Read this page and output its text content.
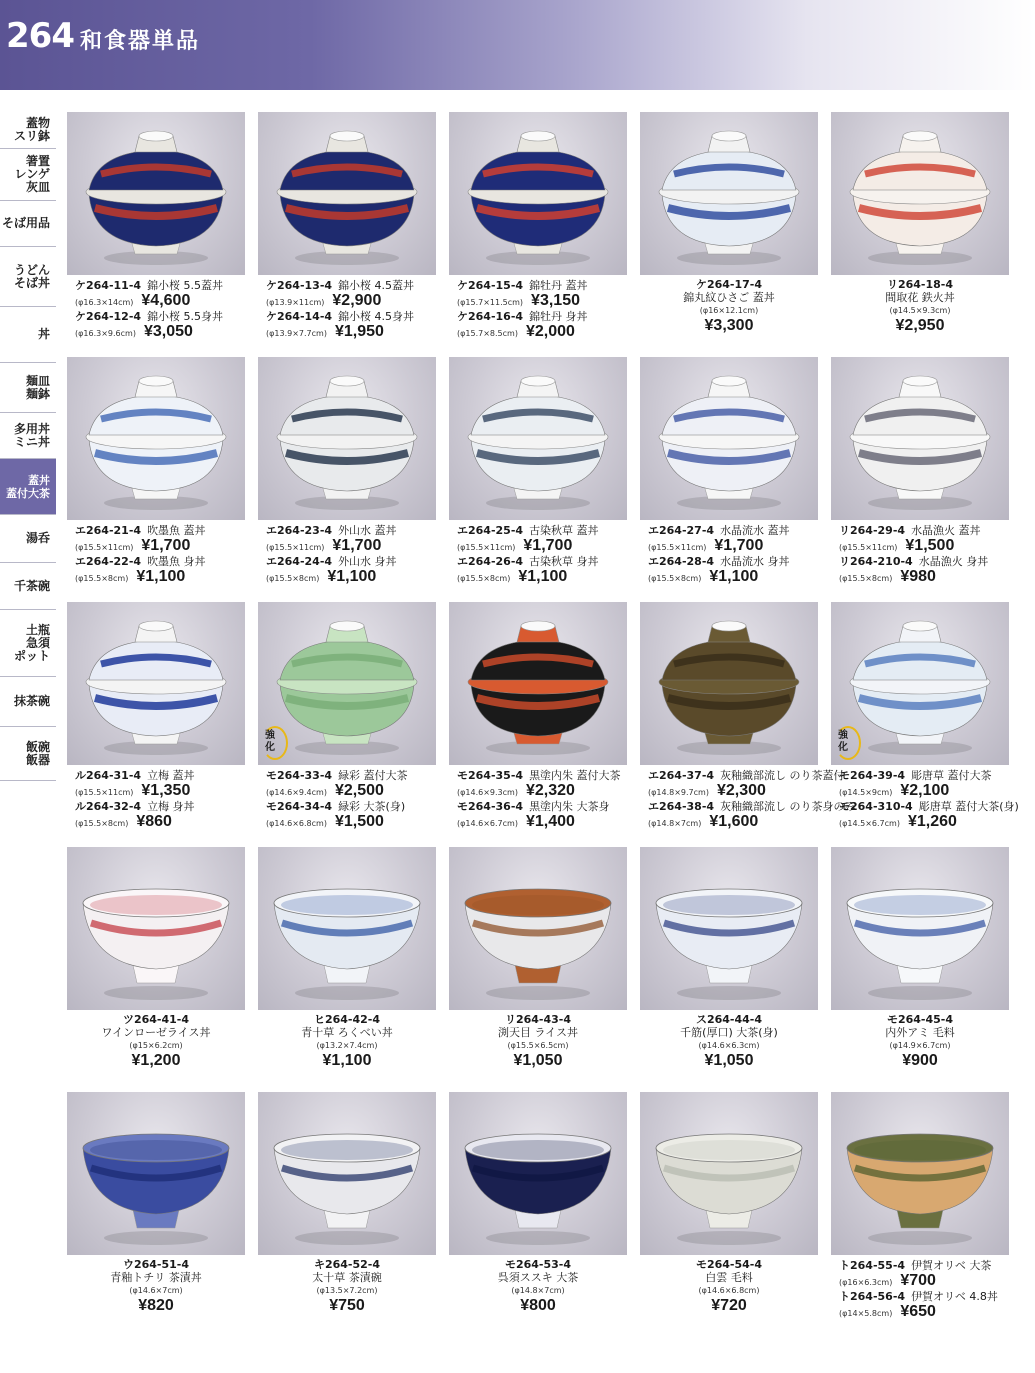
264 和食器単品
蓋物
スリ鉢
箸置
レンゲ
灰皿
そば用品
うどん
そば丼
丼
麺皿
麺鉢
多用丼
ミニ丼
蓋丼
蓋付大茶
湯呑
千茶碗
土瓶
急須
ポット
抹茶碗
飯碗
飯器
ケ264-11-4 錦小桜 5.5蓋丼
(φ16.3×14cm) ¥4,600
ケ264-12-4 錦小桜 5.5身丼
(φ16.3×9.6cm) ¥3,050
ケ264-13-4 錦小桜 4.5蓋丼
(φ13.9×11cm) ¥2,900
ケ264-14-4 錦小桜 4.5身丼
(φ13.9×7.7cm) ¥1,950
ケ264-15-4 錦牡丹 蓋丼
(φ15.7×11.5cm) ¥3,150
ケ264-16-4 錦牡丹 身丼
(φ15.7×8.5cm) ¥2,000
ケ264-17-4
錦丸紋ひさご 蓋丼
(φ16×12.1cm)
¥3,300
リ264-18-4
間取花 鉄火丼
(φ14.5×9.3cm)
¥2,950
エ264-21-4 吹墨魚 蓋丼
(φ15.5×11cm) ¥1,700
エ264-22-4 吹墨魚 身丼
(φ15.5×8cm) ¥1,100
エ264-23-4 外山水 蓋丼
(φ15.5×11cm) ¥1,700
エ264-24-4 外山水 身丼
(φ15.5×8cm) ¥1,100
エ264-25-4 古染秋草 蓋丼
(φ15.5×11cm) ¥1,700
エ264-26-4 古染秋草 身丼
(φ15.5×8cm) ¥1,100
エ264-27-4 水晶流水 蓋丼
(φ15.5×11cm) ¥1,700
エ264-28-4 水晶流水 身丼
(φ15.5×8cm) ¥1,100
リ264-29-4 水晶漁火 蓋丼
(φ15.5×11cm) ¥1,500
リ264-210-4 水晶漁火 身丼
(φ15.5×8cm) ¥980
ル264-31-4 立梅 蓋丼
(φ15.5×11cm) ¥1,350
ル264-32-4 立梅 身丼
(φ15.5×8cm) ¥860
強化
モ264-33-4 緑彩 蓋付大茶
(φ14.6×9.4cm) ¥2,500
モ264-34-4 緑彩 大茶(身)
(φ14.6×6.8cm) ¥1,500
モ264-35-4 黒塗内朱 蓋付大茶
(φ14.6×9.3cm) ¥2,320
モ264-36-4 黒塗内朱 大茶身
(φ14.6×6.7cm) ¥1,400
エ264-37-4 灰釉織部流し のり茶蓋付
(φ14.8×9.7cm) ¥2,300
エ264-38-4 灰釉織部流し のり茶身のみ
(φ14.8×7cm) ¥1,600
強化
モ264-39-4 彫唐草 蓋付大茶
(φ14.5×9cm) ¥2,100
モ264-310-4 彫唐草 蓋付大茶(身)
(φ14.5×6.7cm) ¥1,260
ツ264-41-4
ワインローゼライス丼
(φ15×6.2cm)
¥1,200
ヒ264-42-4
青十草 ろくべい丼
(φ13.2×7.4cm)
¥1,100
リ264-43-4
渕天目 ライス丼
(φ15.5×6.5cm)
¥1,050
ス264-44-4
千筋(厚口) 大茶(身)
(φ14.6×6.3cm)
¥1,050
モ264-45-4
内外アミ 毛料
(φ14.9×6.7cm)
¥900
ウ264-51-4
青釉トチリ 茶漬丼
(φ14.6×7cm)
¥820
キ264-52-4
太十草 茶漬碗
(φ13.5×7.2cm)
¥750
モ264-53-4
呉須ススキ 大茶
(φ14.8×7cm)
¥800
モ264-54-4
白雲 毛料
(φ14.6×6.8cm)
¥720
ト264-55-4 伊賀オリベ 大茶
(φ16×6.3cm) ¥700
ト264-56-4 伊賀オリベ 4.8丼
(φ14×5.8cm) ¥650
